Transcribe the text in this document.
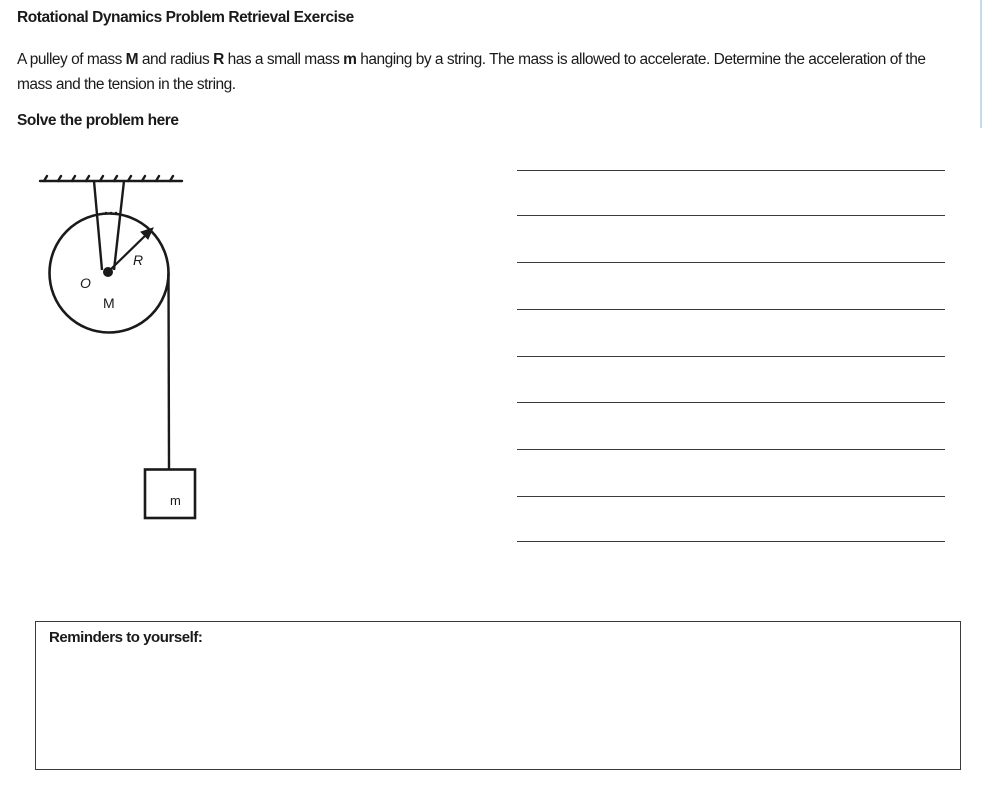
Rotational Dynamics Problem Retrieval Exercise
A pulley of mass M and radius R has a small mass m hanging by a string. The mass is allowed to accelerate. Determine the acceleration of the mass and the tension in the string.
Solve the problem here
R
O
M
m
Reminders to yourself:
